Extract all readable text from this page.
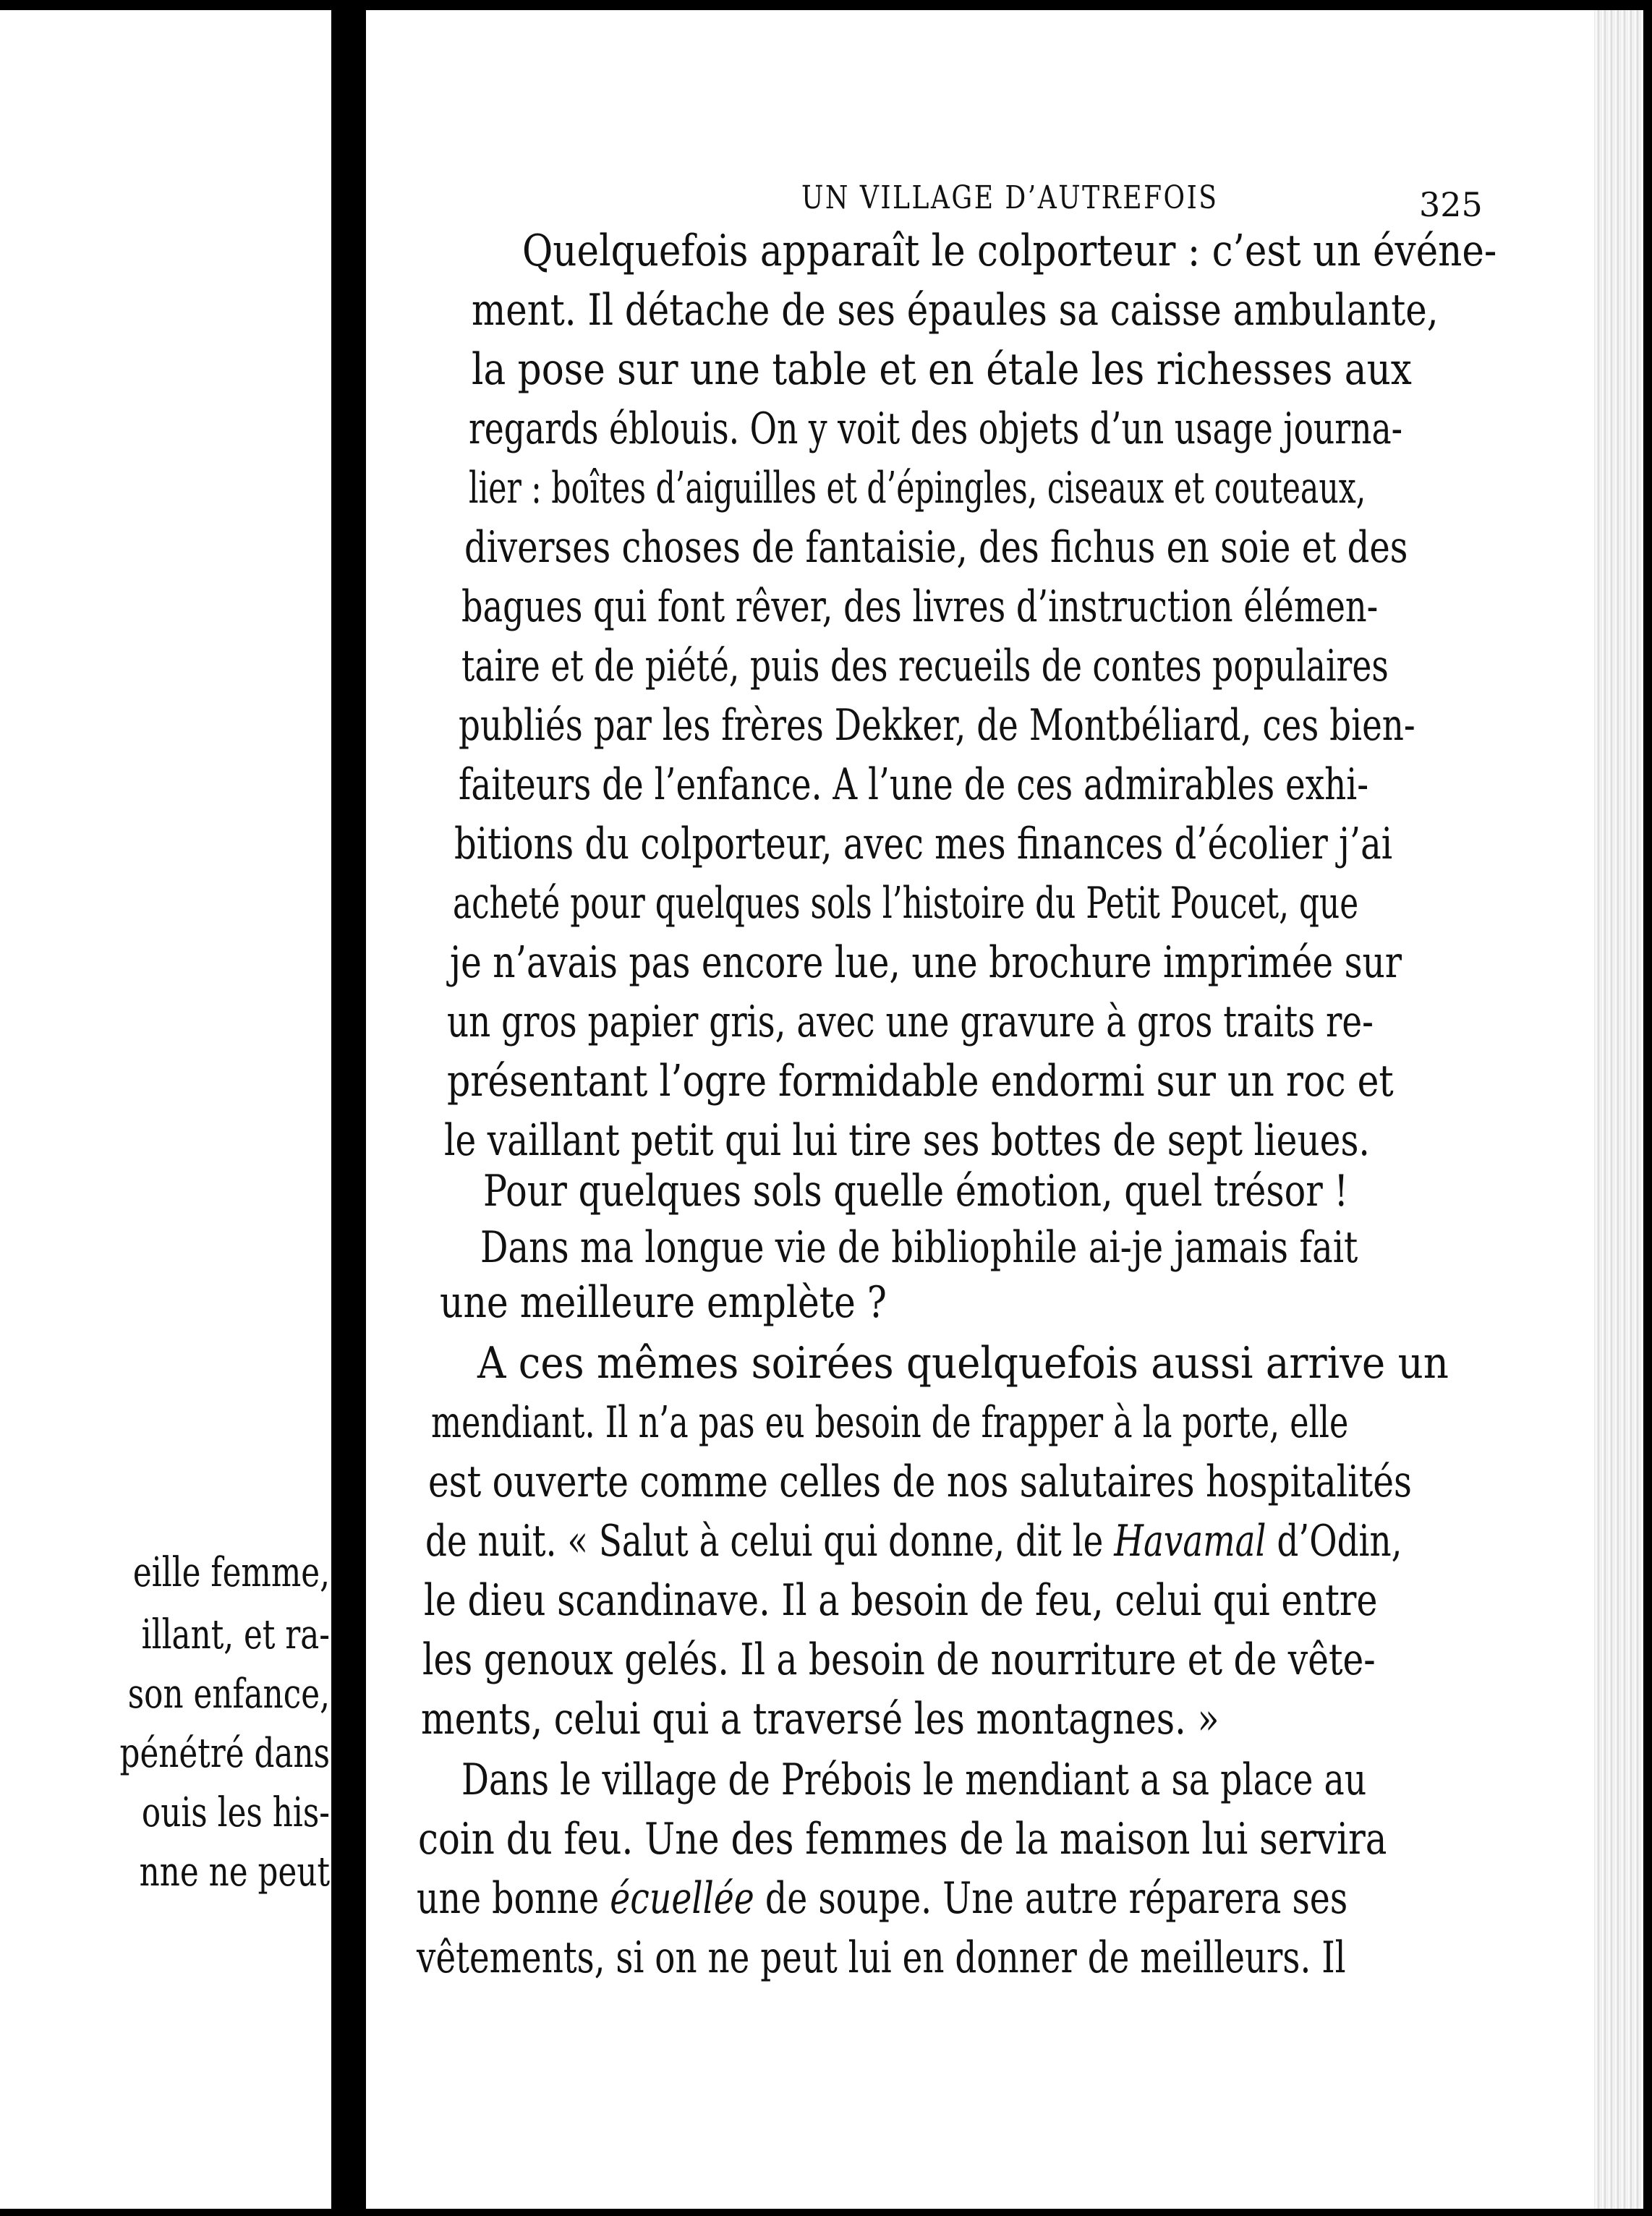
eille femme,
illant, et ra-
son enfance,
pénétré dans
ouis les his-
nne ne peut
UN VILLAGE D’AUTREFOIS	325
Quelquefois apparaît le colporteur : c’est un événe-
ment. Il détache de ses épaules sa caisse ambulante,
la pose sur une table et en étale les richesses aux
regards éblouis. On y voit des objets d’un usage journa-
lier : boîtes d’aiguilles et d’épingles, ciseaux et couteaux,
diverses choses de fantaisie, des fichus en soie et des
bagues qui font rêver, des livres d’instruction élémen-
taire et de piété, puis des recueils de contes populaires
publiés par les frères Dekker, de Montbéliard, ces bien-
faiteurs de l’enfance. A l’une de ces admirables exhi-
bitions du colporteur, avec mes finances d’écolier j’ai
acheté pour quelques sols l’histoire du Petit Poucet, que
je n’avais pas encore lue, une brochure imprimée sur
un gros papier gris, avec une gravure à gros traits re-
présentant l’ogre formidable endormi sur un roc et
le vaillant petit qui lui tire ses bottes de sept lieues.
Pour quelques sols quelle émotion, quel trésor !
Dans ma longue vie de bibliophile ai-je jamais fait
une meilleure emplète ?
A ces mêmes soirées quelquefois aussi arrive un
mendiant. Il n’a pas eu besoin de frapper à la porte, elle
est ouverte comme celles de nos salutaires hospitalités
de nuit. « Salut à celui qui donne, dit le Havamal d’Odin,
le dieu scandinave. Il a besoin de feu, celui qui entre
les genoux gelés. Il a besoin de nourriture et de vête-
ments, celui qui a traversé les montagnes. »
Dans le village de Prébois le mendiant a sa place au
coin du feu. Une des femmes de la maison lui servira
une bonne écuellée de soupe. Une autre réparera ses
vêtements, si on ne peut lui en donner de meilleurs. Il
